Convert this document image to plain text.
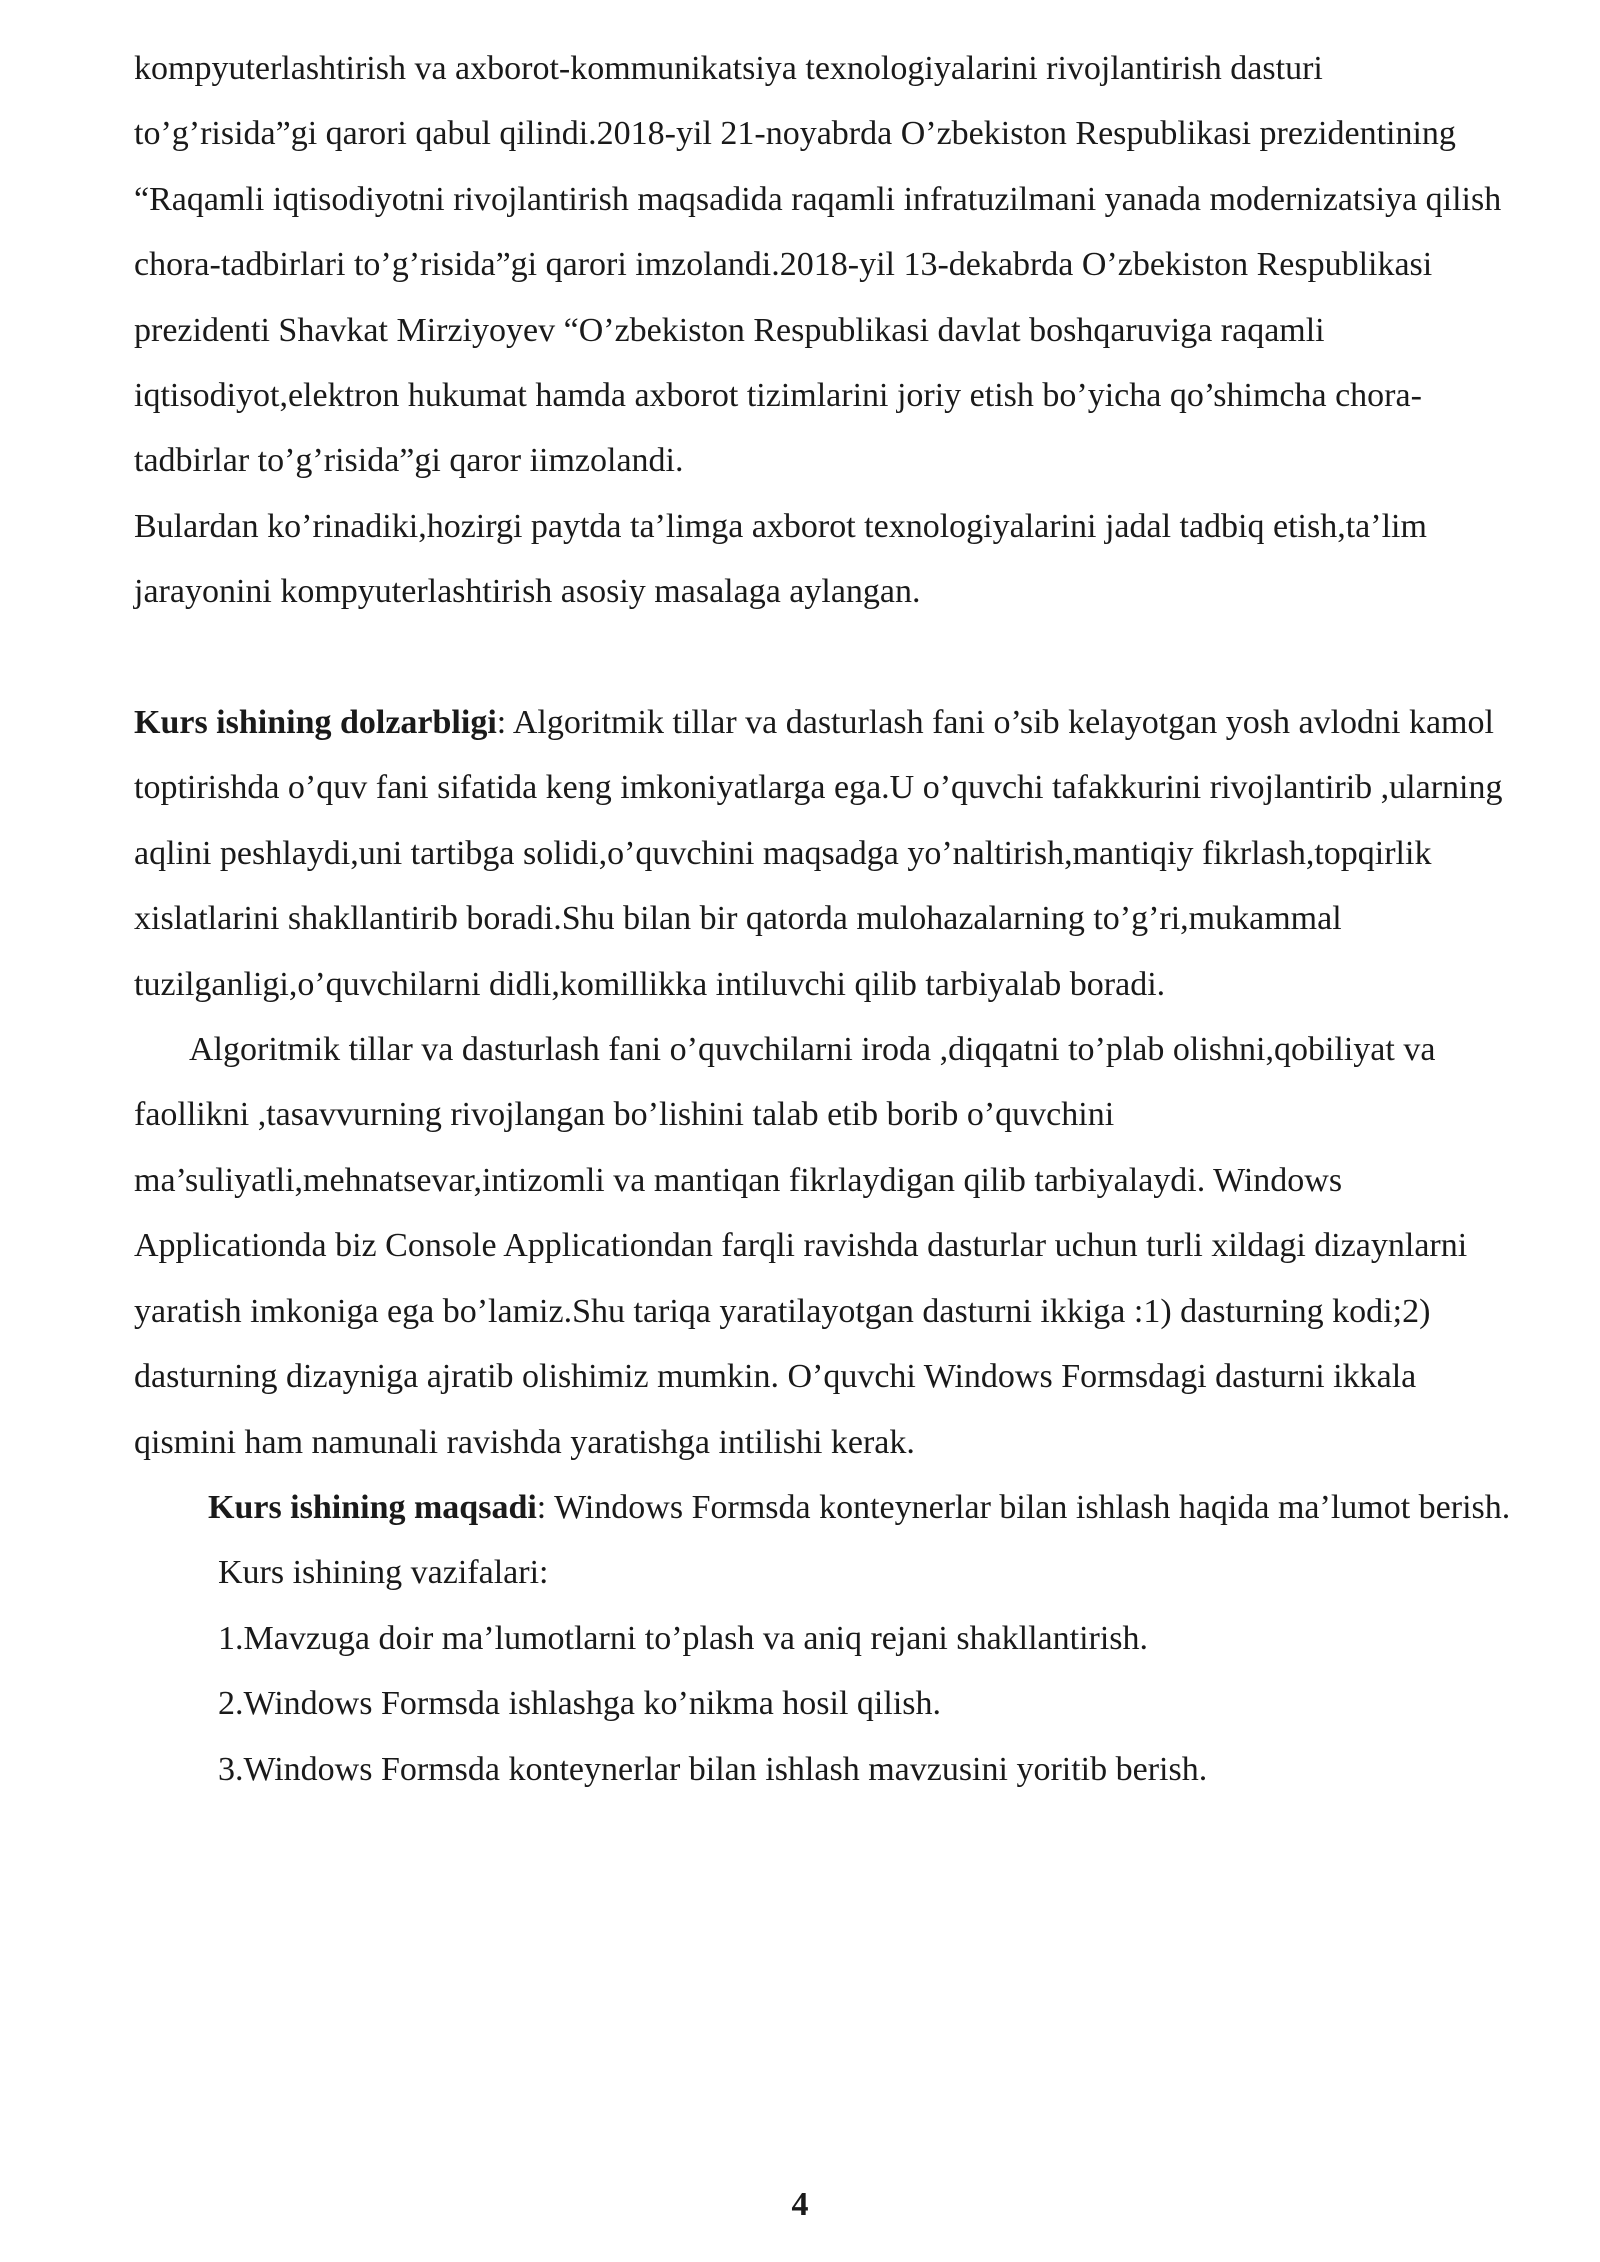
kompyuterlashtirish va axborot-kommunikatsiya texnologiyalarini rivojlantirish dasturi to’g’risida”gi qarori qabul qilindi.2018-yil 21-noyabrda O’zbekiston Respublikasi prezidentining “Raqamli iqtisodiyotni rivojlantirish maqsadida raqamli infratuzilmani yanada modernizatsiya qilish chora-tadbirlari to’g’risida”gi qarori imzolandi.2018-yil 13-dekabrda O’zbekiston Respublikasi prezidenti Shavkat Mirziyoyev “O’zbekiston Respublikasi davlat boshqaruviga raqamli iqtisodiyot,elektron hukumat hamda axborot tizimlarini joriy etish bo’yicha qo’shimcha chora-tadbirlar to’g’risida”gi qaror iimzolandi.

Bulardan ko’rinadiki,hozirgi paytda ta’limga axborot texnologiyalarini jadal tadbiq etish,ta’lim jarayonini kompyuterlashtirish asosiy masalaga aylangan.

Kurs ishining dolzarbligi: Algoritmik tillar va dasturlash fani o’sib kelayotgan yosh avlodni kamol toptirishda o’quv fani sifatida keng imkoniyatlarga ega.U o’quvchi tafakkurini rivojlantirib ,ularning aqlini peshlaydi,uni tartibga solidi,o’quvchini maqsadga yo’naltirish,mantiqiy fikrlash,topqirlik xislatlarini shakllantirib boradi.Shu bilan bir qatorda mulohazalarning to’g’ri,mukammal tuzilganligi,o’quvchilarni didli,komillikka intiluvchi qilib tarbiyalab boradi.

Algoritmik tillar va dasturlash fani o’quvchilarni iroda ,diqqatni to’plab olishni,qobiliyat va faollikni ,tasavvurning rivojlangan bo’lishini talab etib borib o’quvchini ma’suliyatli,mehnatsevar,intizomli va mantiqan fikrlaydigan qilib tarbiyalaydi. Windows Applicationda biz Console Applicationdan farqli ravishda dasturlar uchun turli xildagi dizaynlarni yaratish imkoniga ega bo’lamiz.Shu tariqa yaratilayotgan dasturni ikkiga :1) dasturning kodi;2) dasturning dizayniga ajratib olishimiz mumkin. O’quvchi Windows Formsdagi dasturni ikkala qismini ham namunali ravishda yaratishga intilishi kerak.

Kurs ishining maqsadi: Windows Formsda konteynerlar bilan ishlash haqida ma’lumot berish.

Kurs ishining vazifalari:

1.Mavzuga doir ma’lumotlarni to’plash va aniq rejani shakllantirish.

2.Windows Formsda ishlashga ko’nikma hosil qilish.

3.Windows Formsda konteynerlar bilan ishlash mavzusini yoritib berish.

4
